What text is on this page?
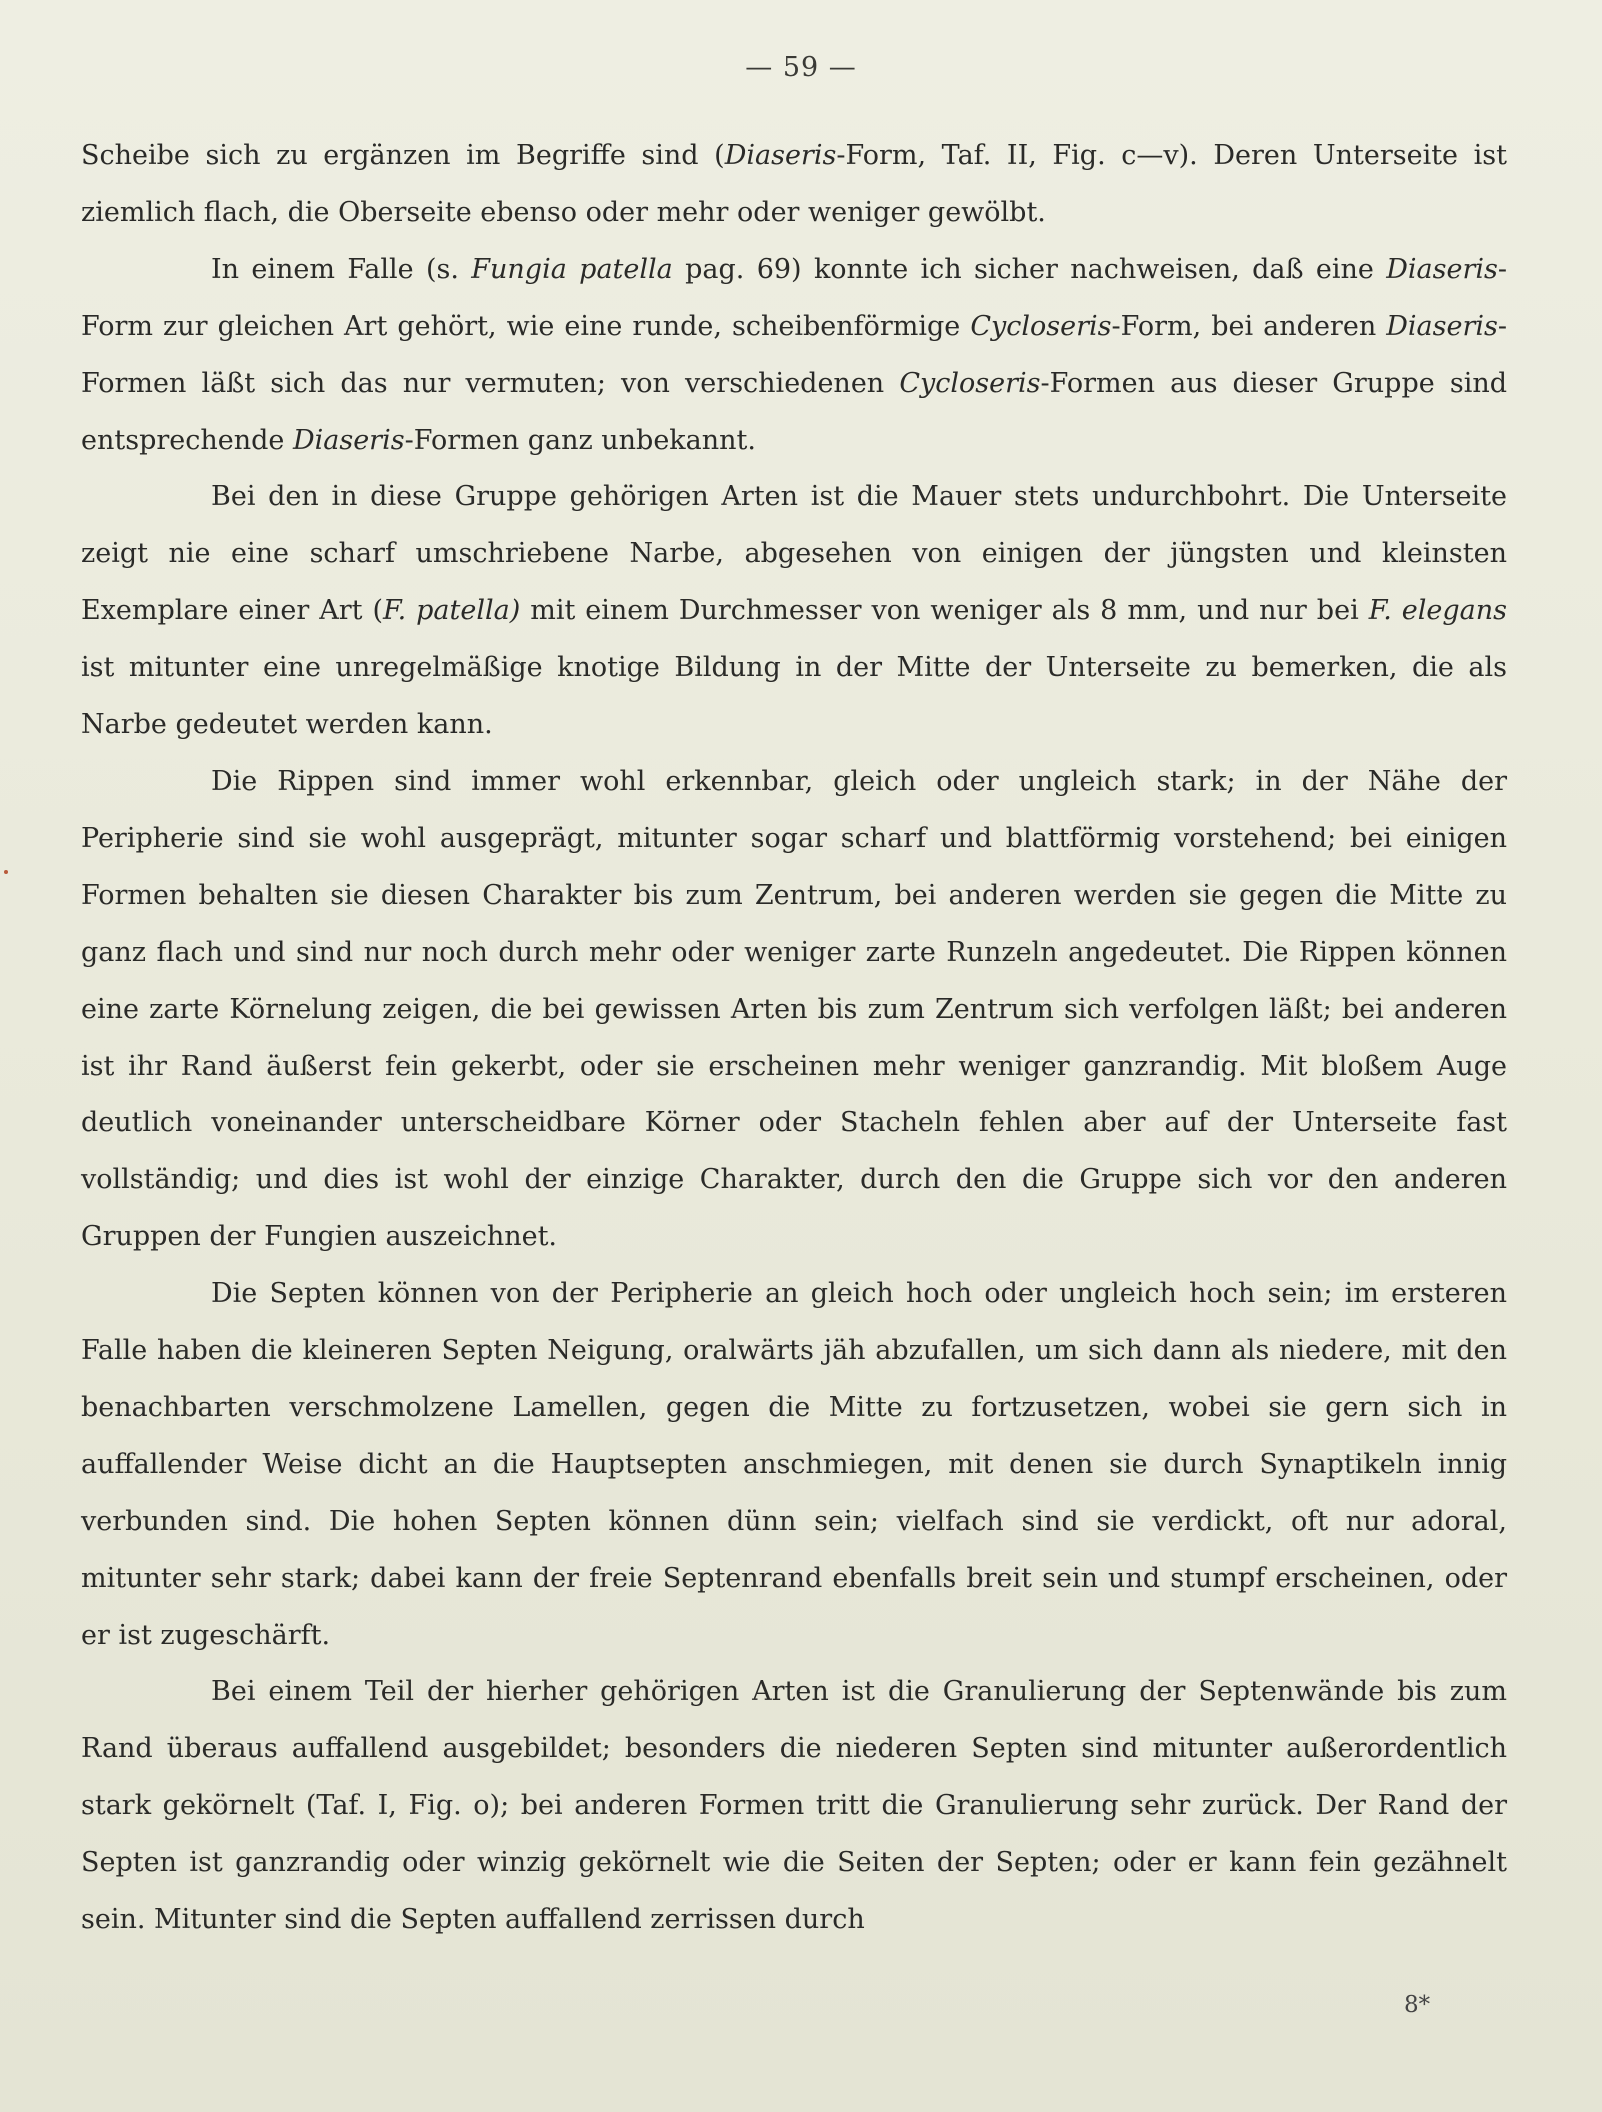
— 59 —

Scheibe sich zu ergänzen im Begriffe sind (Diaseris-Form, Taf. II, Fig. c—v). Deren Unterseite ist ziemlich flach, die Oberseite ebenso oder mehr oder weniger gewölbt.

In einem Falle (s. Fungia patella pag. 69) konnte ich sicher nachweisen, daß eine Diaseris-Form zur gleichen Art gehört, wie eine runde, scheibenförmige Cycloseris-Form, bei anderen Diaseris-Formen läßt sich das nur vermuten; von verschiedenen Cycloseris-Formen aus dieser Gruppe sind entsprechende Diaseris-Formen ganz unbekannt.

Bei den in diese Gruppe gehörigen Arten ist die Mauer stets undurchbohrt. Die Unterseite zeigt nie eine scharf umschriebene Narbe, abgesehen von einigen der jüngsten und kleinsten Exemplare einer Art (F. patella) mit einem Durchmesser von weniger als 8 mm, und nur bei F. elegans ist mitunter eine unregelmäßige knotige Bildung in der Mitte der Unterseite zu bemerken, die als Narbe gedeutet werden kann.

Die Rippen sind immer wohl erkennbar, gleich oder ungleich stark; in der Nähe der Peripherie sind sie wohl ausgeprägt, mitunter sogar scharf und blattförmig vorstehend; bei einigen Formen behalten sie diesen Charakter bis zum Zentrum, bei anderen werden sie gegen die Mitte zu ganz flach und sind nur noch durch mehr oder weniger zarte Runzeln angedeutet. Die Rippen können eine zarte Körnelung zeigen, die bei gewissen Arten bis zum Zentrum sich verfolgen läßt; bei anderen ist ihr Rand äußerst fein gekerbt, oder sie erscheinen mehr weniger ganzrandig. Mit bloßem Auge deutlich voneinander unterscheidbare Körner oder Stacheln fehlen aber auf der Unterseite fast vollständig; und dies ist wohl der einzige Charakter, durch den die Gruppe sich vor den anderen Gruppen der Fungien auszeichnet.

Die Septen können von der Peripherie an gleich hoch oder ungleich hoch sein; im ersteren Falle haben die kleineren Septen Neigung, oralwärts jäh abzufallen, um sich dann als niedere, mit den benachbarten verschmolzene Lamellen, gegen die Mitte zu fortzusetzen, wobei sie gern sich in auffallender Weise dicht an die Hauptsepten anschmiegen, mit denen sie durch Synaptikeln innig verbunden sind. Die hohen Septen können dünn sein; vielfach sind sie verdickt, oft nur adoral, mitunter sehr stark; dabei kann der freie Septenrand ebenfalls breit sein und stumpf erscheinen, oder er ist zugeschärft.

Bei einem Teil der hierher gehörigen Arten ist die Granulierung der Septenwände bis zum Rand überaus auffallend ausgebildet; besonders die niederen Septen sind mitunter außerordentlich stark gekörnelt (Taf. I, Fig. o); bei anderen Formen tritt die Granulierung sehr zurück. Der Rand der Septen ist ganzrandig oder winzig gekörnelt wie die Seiten der Septen; oder er kann fein gezähnelt sein. Mitunter sind die Septen auffallend zerrissen durch

8*
